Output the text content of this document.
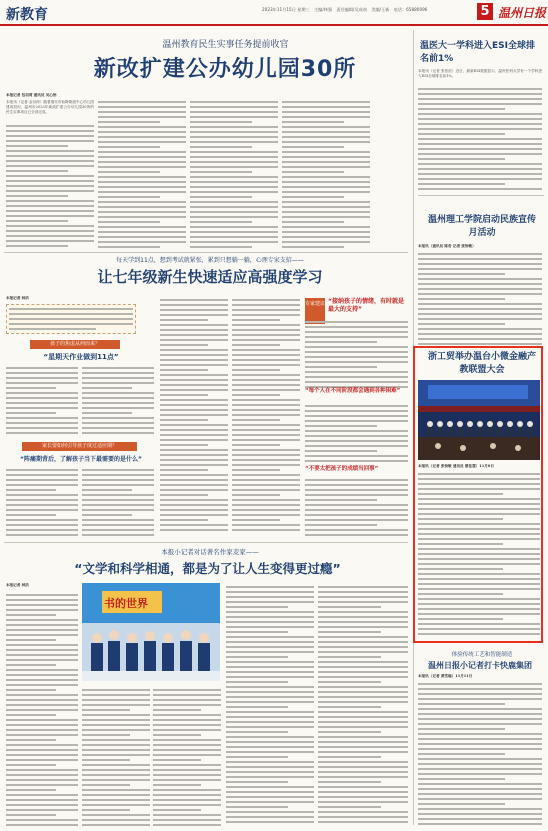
新教育	2023年11月15日 星期三　主编/林强　责任编辑/吴成南　美编/王新　电话：65880096	5 温州日报
温州教育民生实事任务提前收官
新改扩建公办幼儿园30所
本报记者 包羽荷 通讯员 吴心怡
本报讯（记者 金羽荷）随着瑞安市仙降街道中心幼儿园建成投用，温州市2023年新改扩建公办幼儿园30所的民生实事项目已全部完成。
温医大一学科进入ESI全球排名前1%
本报讯（记者 张依依）近日，最新ESI数据显示，温州医科大学有一个学科进入ESI全球排名前1%。
温州理工学院启动民族宣传月活动
本报讯（通讯员 陈奇 记者 张怡敏）
浙工贸举办温台小微金融产教联盟大会
本报讯（记者 张怡敏 通讯员 蔡佳慧）11月8日
体验传统工艺和智能制造
温州日报小记者打卡快鹿集团
本报讯（记者 黄雪瑜）11月11日
每天学到11点，想到考试就紧张，累到只想躺一躺，心理专家支招——
让七年级新生快速适应高强度学习
本报记者 林洁
孩子的焦虑从何而来？
“星期天作业做到11点”
家长要如何引导孩子度过适应期？
“阵痛期背后，了解孩子当下最需要的是什么”
专家建议 “接纳孩子的情绪，有时就是最大的支持”
“每个人在不同阶段都会遇到各种困难”
“不要太把孩子的成绩当回事”
本报小记者对话著名作家麦家——
“文学和科学相通，都是为了让人生变得更过瘾”
本报记者 林洁
书的世界
